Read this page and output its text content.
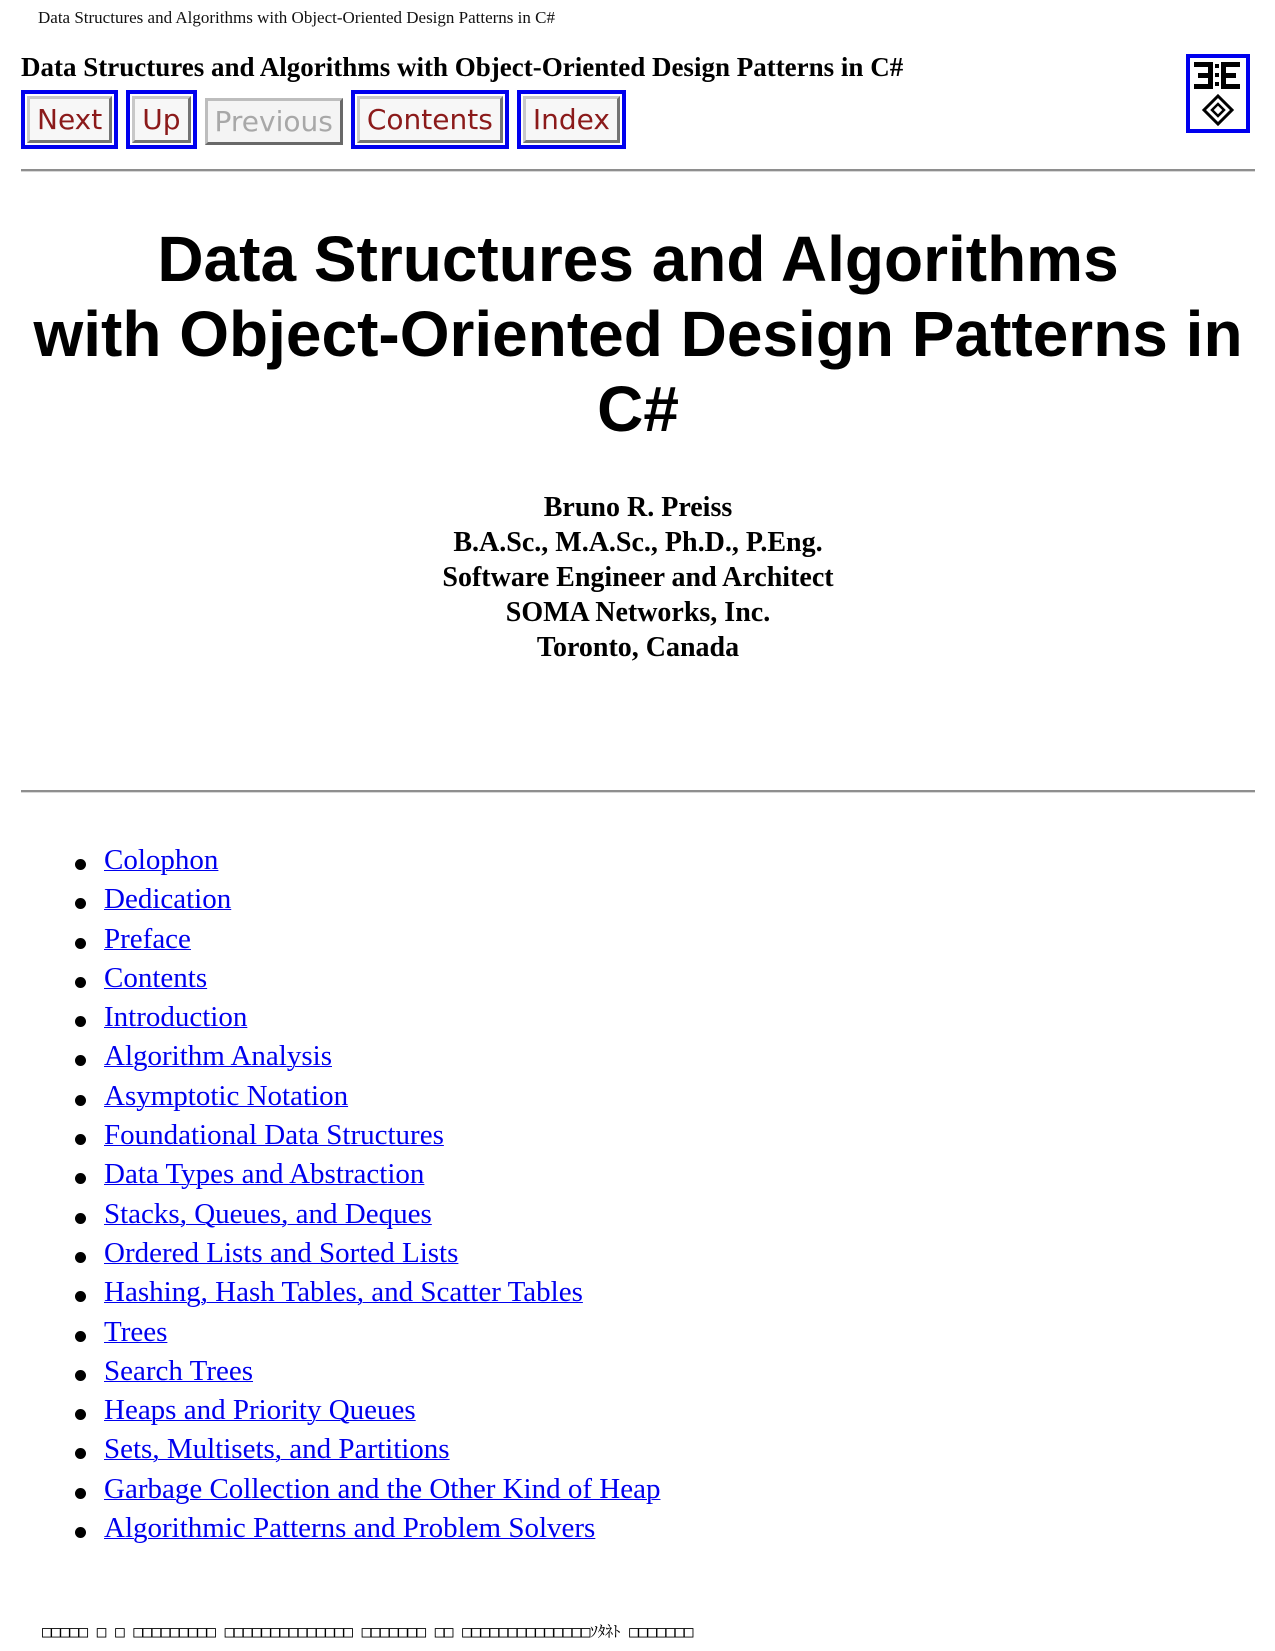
Data Structures and Algorithms with Object-Oriented Design Patterns in C#
Data Structures and Algorithms with Object-Oriented Design Patterns in C#
Next	Up	Previous	Contents	Index
Data Structures and Algorithms
with Object-Oriented Design Patterns in
C#
Bruno R. Preiss
B.A.Sc., M.A.Sc., Ph.D., P.Eng.
Software Engineer and Architect
SOMA Networks, Inc.
Toronto, Canada
Colophon
Dedication
Preface
Contents
Introduction
Algorithm Analysis
Asymptotic Notation
Foundational Data Structures
Data Types and Abstraction
Stacks, Queues, and Deques
Ordered Lists and Sorted Lists
Hashing, Hash Tables, and Scatter Tables
Trees
Search Trees
Heaps and Priority Queues
Sets, Multisets, and Partitions
Garbage Collection and the Other Kind of Heap
Algorithmic Patterns and Problem Solvers
□□□□□ □ □ □□□□□□□□□ □□□□□□□□□□□□□□ □□□□□□□ □□ □□□□□□□□□□□□□□ｿﾀﾈﾄ □□□□□□□
